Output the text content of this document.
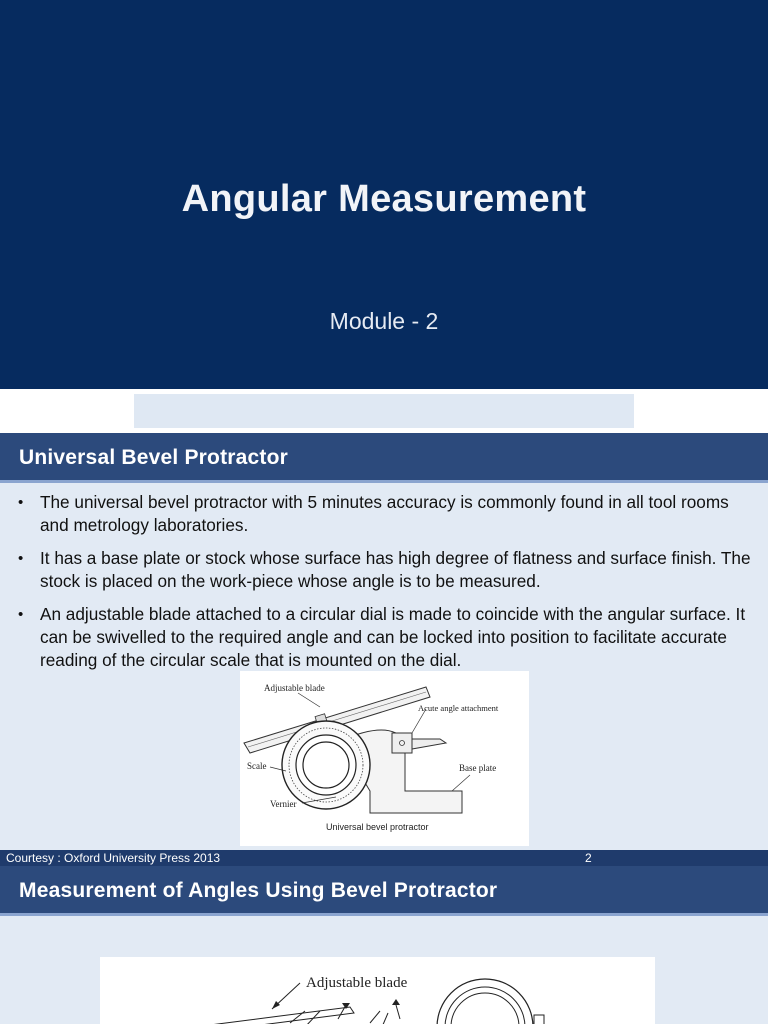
Angular Measurement
Module - 2
Universal Bevel Protractor
• The universal bevel protractor with 5 minutes accuracy is commonly found in all tool rooms and metrology laboratories.
• It has a base plate or stock whose surface has high degree of flatness and surface finish. The stock is placed on the work-piece whose angle is to be measured.
• An adjustable blade attached to a circular dial is made to coincide with the angular surface. It can be swivelled to the required angle and can be locked into position to facilitate accurate reading of the circular scale that is mounted on the dial.
Adjustable blade
Acute angle attachment
Scale	Base plate
Vernier
Universal bevel protractor
Courtesy : Oxford University Press 2013	2
Measurement of Angles Using Bevel Protractor
Adjustable blade
